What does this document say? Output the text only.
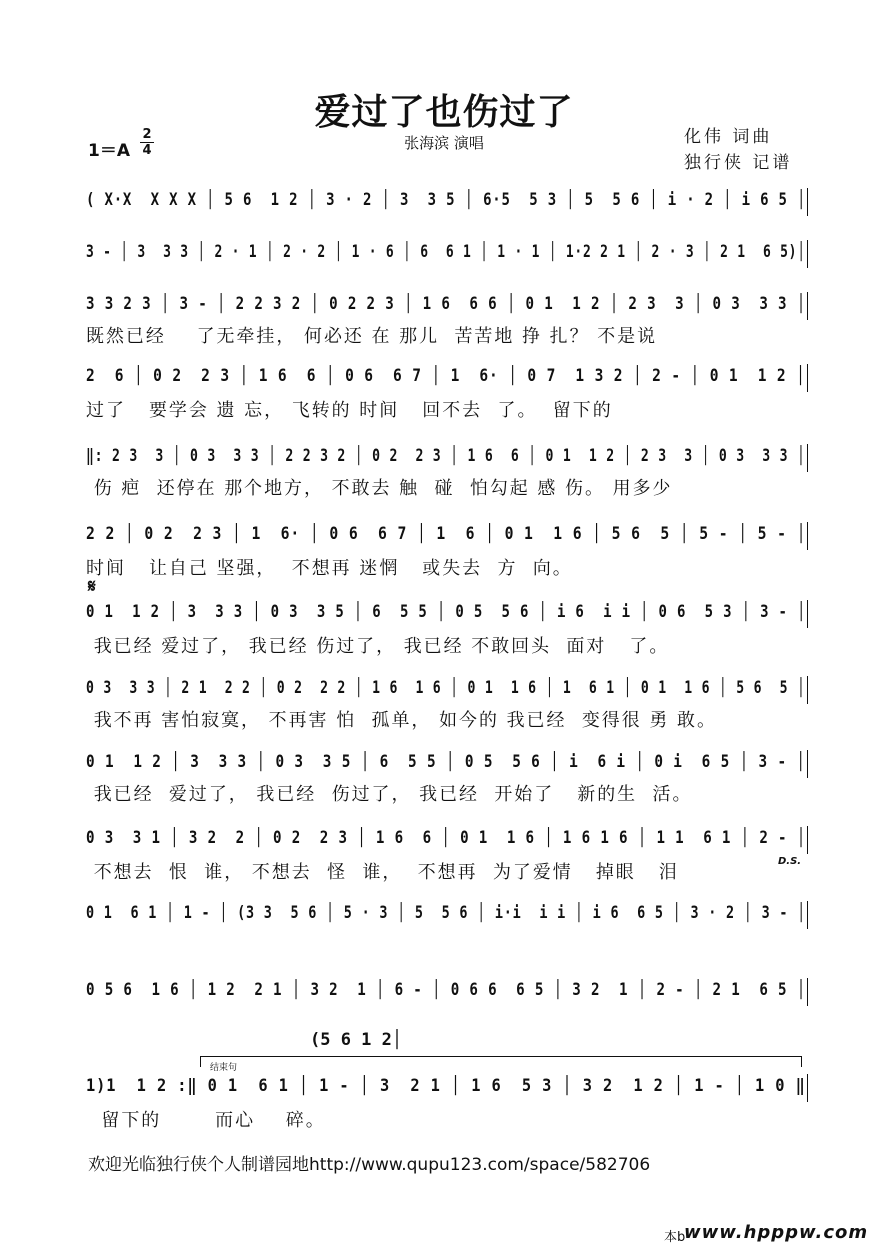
爱过了也伤过了
张海滨 演唱	化伟 词曲
独行侠 记谱
1＝A
2
4
( X·X  X X X │ 5 6  1 2 │ 3 · 2 │ 3  3 5 │ 6·5  5 3 │ 5  5 6 │ i · 2 │ i 6 5 │
3 - │ 3  3 3 │ 2 · 1 │ 2 · 2 │ 1 · 6 │ 6  6 1 │ 1 · 1 │ 1·2 2 1 │ 2 · 3 │ 2 1  6 5)│
3 3 2 3 │ 3 - │ 2 2 3 2 │ 0 2 2 3 │ 1 6  6 6 │ 0 1  1 2 │ 2 3  3 │ 0 3  3 3 │
既然已经    了无牵挂， 何必还 在 那儿  苦苦地 挣 扎？ 不是说
2  6 │ 0 2  2 3 │ 1 6  6 │ 0 6  6 7 │ 1  6· │ 0 7  1 3 2 │ 2 - │ 0 1  1 2 │
过了   要学会 遗 忘， 飞转的 时间   回不去  了。  留下的
‖: 2 3  3 │ 0 3  3 3 │ 2 2 3 2 │ 0 2  2 3 │ 1 6  6 │ 0 1  1 2 │ 2 3  3 │ 0 3  3 3 │
伤 疤  还停在 那个地方， 不敢去 触  碰  怕勾起 感 伤。 用多少
2 2 │ 0 2  2 3 │ 1  6· │ 0 6  6 7 │ 1  6 │ 0 1  1 6 │ 5 6  5 │ 5 - │ 5 - │
时间   让自己 坚强，  不想再 迷惘   或失去  方  向。
0 1  1 2 │ 3  3 3 │ 0 3  3 5 │ 6  5 5 │ 0 5  5 6 │ i 6  i i │ 0 6  5 3 │ 3 - │
我已经 爱过了， 我已经 伤过了， 我已经 不敢回头  面对   了。
0 3  3 3 │ 2 1  2 2 │ 0 2  2 2 │ 1 6  1 6 │ 0 1  1 6 │ 1  6 1 │ 0 1  1 6 │ 5 6  5 │
我不再 害怕寂寞， 不再害 怕  孤单， 如今的 我已经  变得很 勇 敢。
0 1  1 2 │ 3  3 3 │ 0 3  3 5 │ 6  5 5 │ 0 5  5 6 │ i  6 i │ 0 i  6 5 │ 3 - │
我已经  爱过了， 我已经  伤过了， 我已经  开始了   新的生  活。
0 3  3 1 │ 3 2  2 │ 0 2  2 3 │ 1 6  6 │ 0 1  1 6 │ 1 6 1 6 │ 1 1  6 1 │ 2 - │
不想去  恨  谁， 不想去  怪  谁，  不想再  为了爱情   掉眼   泪
0 1  6 1 │ 1 - │ (3 3  5 6 │ 5 · 3 │ 5  5 6 │ i·i  i i │ i 6  6 5 │ 3 · 2 │ 3 - │
0 5 6  1 6 │ 1 2  2 1 │ 3 2  1 │ 6 - │ 0 6 6  6 5 │ 3 2  1 │ 2 - │ 2 1  6 5 │
1)1  1 2 :‖ 0 1  6 1 │ 1 - │ 3  2 1 │ 1 6  5 3 │ 3 2  1 2 │ 1 - │ 1 0 ‖
留下的       而心    碎。
𝄋
D.S.
(5 6 1 2│
结束句
欢迎光临独行侠个人制谱园地http://www.qupu123.com/space/582706
本b
www.hpppw.com
